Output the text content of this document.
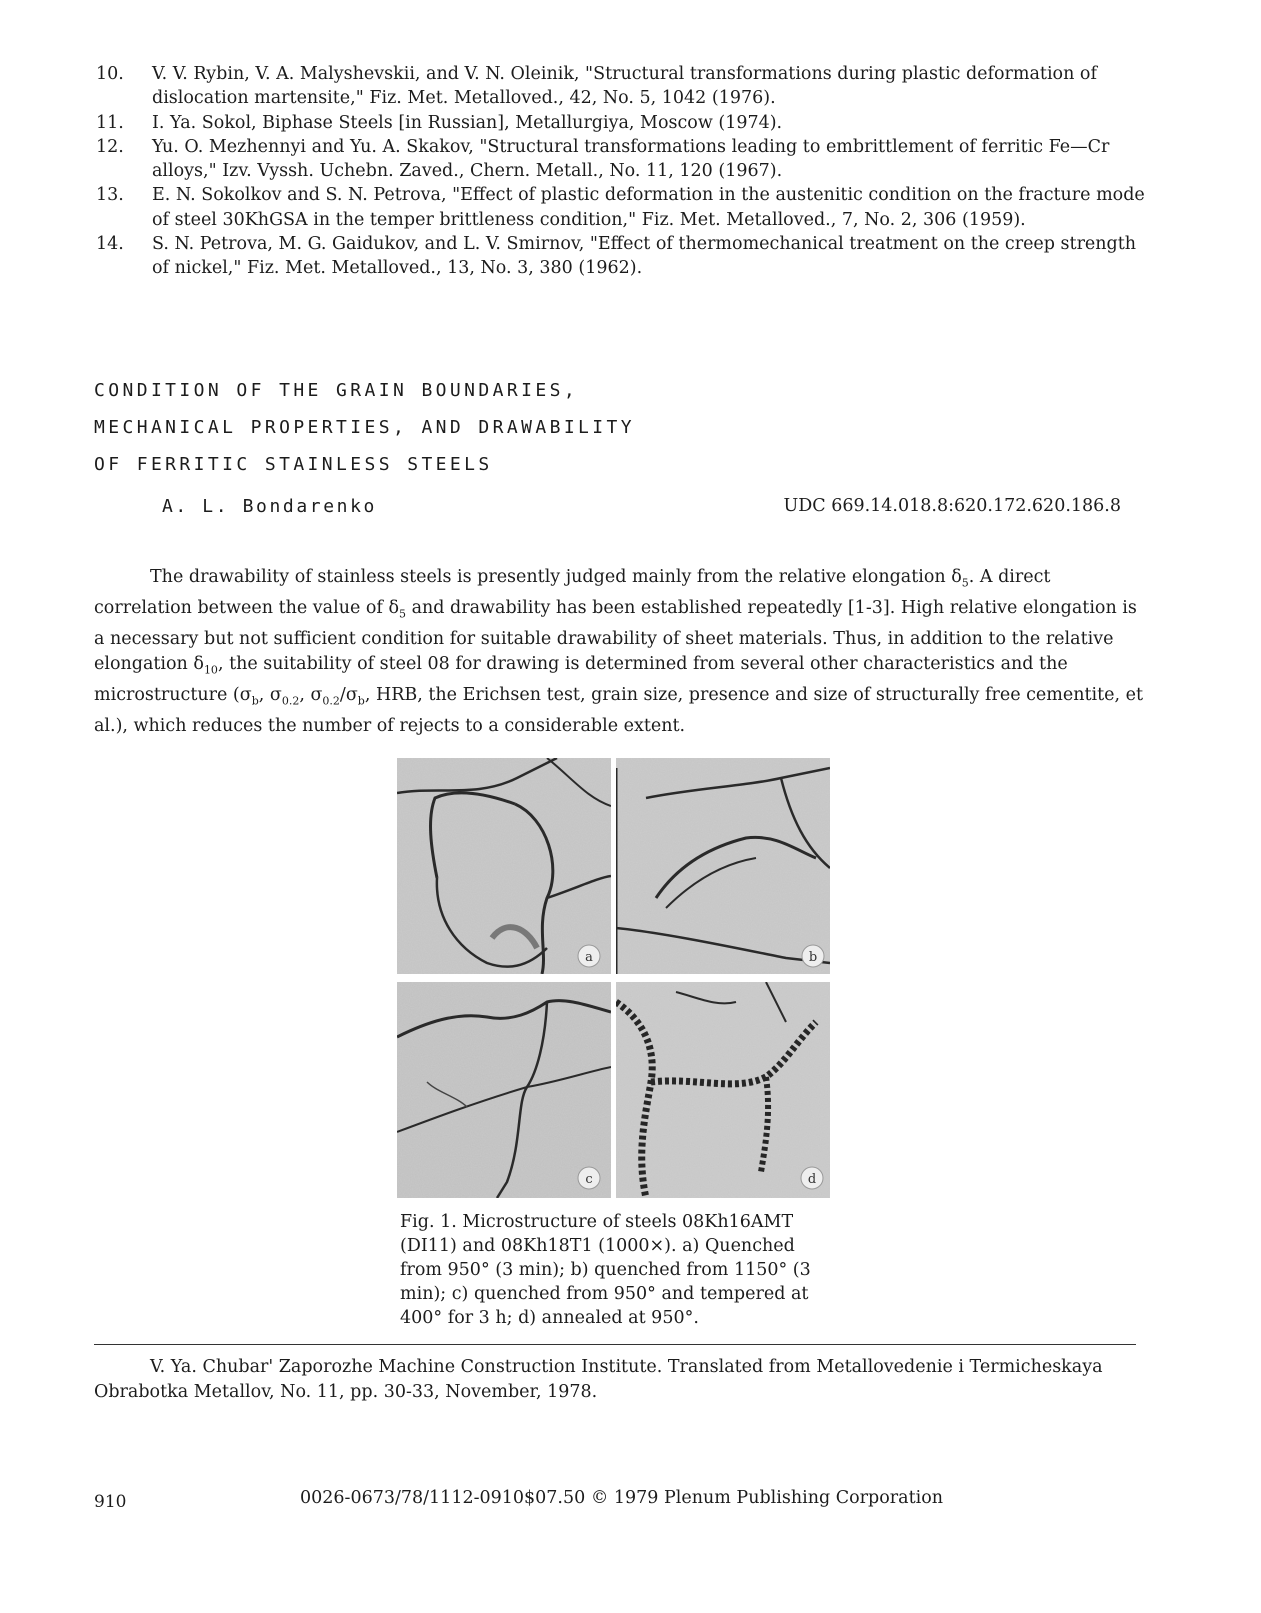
10.	V. V. Rybin, V. A. Malyshevskii, and V. N. Oleinik, "Structural transformations during plastic deformation of dislocation martensite," Fiz. Met. Metalloved., 42, No. 5, 1042 (1976).
11.	I. Ya. Sokol, Biphase Steels [in Russian], Metallurgiya, Moscow (1974).
12.	Yu. O. Mezhennyi and Yu. A. Skakov, "Structural transformations leading to embrittlement of ferritic Fe—Cr alloys," Izv. Vyssh. Uchebn. Zaved., Chern. Metall., No. 11, 120 (1967).
13.	E. N. Sokolkov and S. N. Petrova, "Effect of plastic deformation in the austenitic condition on the fracture mode of steel 30KhGSA in the temper brittleness condition," Fiz. Met. Metalloved., 7, No. 2, 306 (1959).
14.	S. N. Petrova, M. G. Gaidukov, and L. V. Smirnov, "Effect of thermomechanical treatment on the creep strength of nickel," Fiz. Met. Metalloved., 13, No. 3, 380 (1962).
CONDITION OF THE GRAIN BOUNDARIES,
MECHANICAL PROPERTIES, AND DRAWABILITY
OF FERRITIC STAINLESS STEELS
A. L. Bondarenko	UDC 669.14.018.8:620.172.620.186.8

The drawability of stainless steels is presently judged mainly from the relative elongation $\delta_5$. A direct correlation between the value of $\delta_5$ and drawability has been established repeatedly [1-3]. High relative elongation is a necessary but not sufficient condition for suitable drawability of sheet materials. Thus, in addition to the relative elongation $\delta_{10}$, the suitability of steel 08 for drawing is determined from several other characteristics and the microstructure ($\sigma_b$, $\sigma_{0.2}$, $\sigma_{0.2}/\sigma_b$, HRB, the Erichsen test, grain size, presence and size of structurally free cementite, et al.), which reduces the number of rejects to a considerable extent.

a	b
c	d

Fig. 1. Microstructure of steels 08Kh16AMT (DI11) and 08Kh18T1 (1000×). a) Quenched from 950° (3 min); b) quenched from 1150° (3 min); c) quenched from 950° and tempered at 400° for 3 h; d) annealed at 950°.

V. Ya. Chubar' Zaporozhe Machine Construction Institute. Translated from Metallovedenie i Termicheskaya Obrabotka Metallov, No. 11, pp. 30-33, November, 1978.

910	0026-0673/78/1112-0910$07.50 © 1979 Plenum Publishing Corporation
